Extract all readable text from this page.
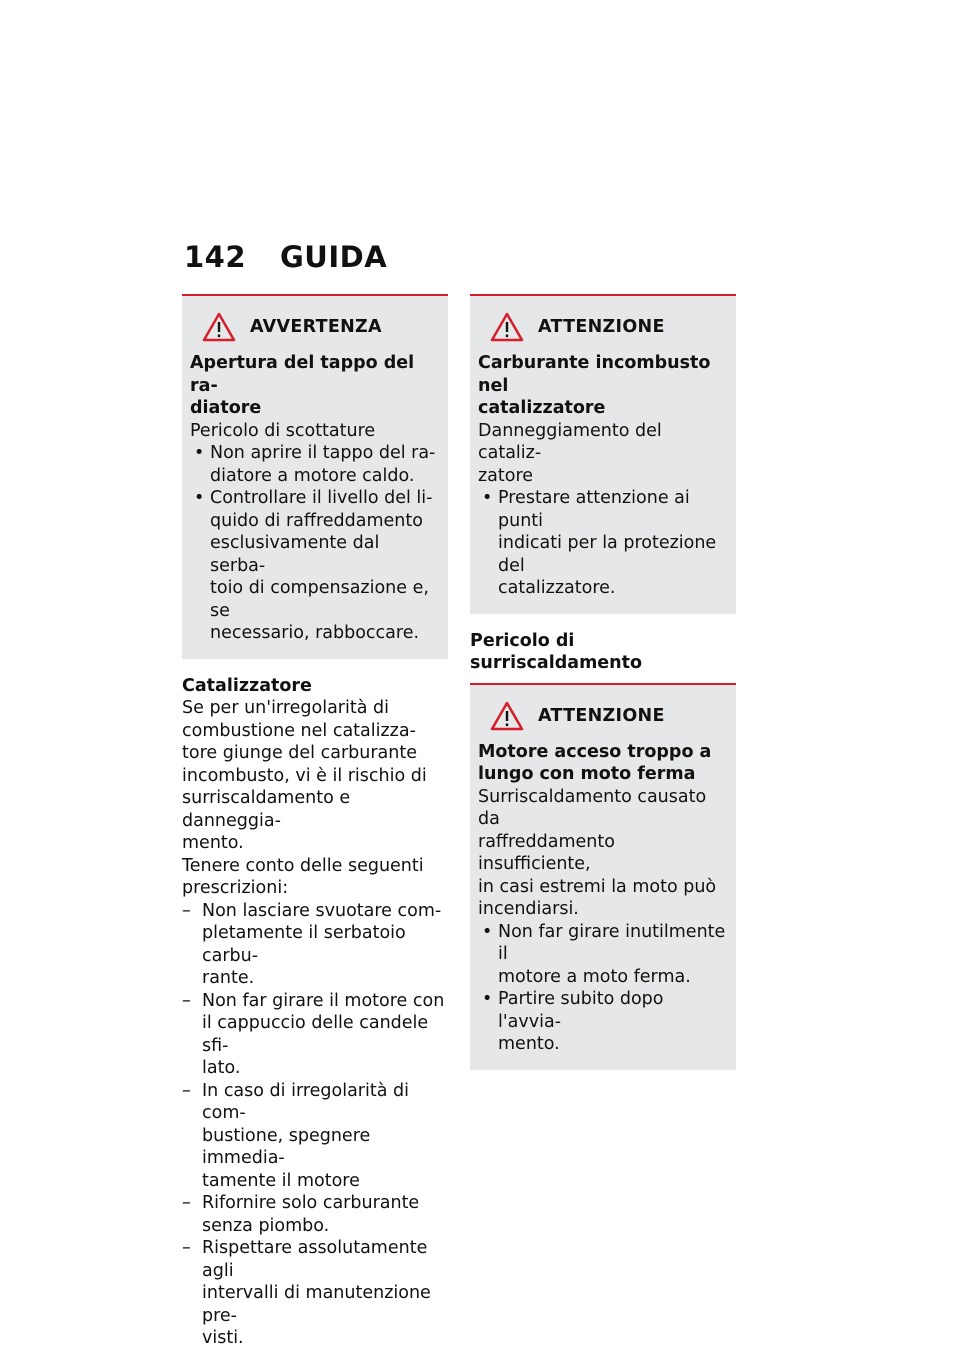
142 GUIDA
AVVERTENZA
Apertura del tappo del ra-
diatore
Pericolo di scottature
• Non aprire il tappo del ra-
diatore a motore caldo.
• Controllare il livello del li-
quido di raffreddamento
esclusivamente dal serba-
toio di compensazione e, se
necessario, rabboccare.
Catalizzatore
Se per un'irregolarità di
combustione nel catalizza-
tore giunge del carburante
incombusto, vi è il rischio di
surriscaldamento e danneggia-
mento.
Tenere conto delle seguenti
prescrizioni:
– Non lasciare svuotare com-
pletamente il serbatoio carbu-
rante.
– Non far girare il motore con
il cappuccio delle candele sfi-
lato.
– In caso di irregolarità di com-
bustione, spegnere immedia-
tamente il motore
– Rifornire solo carburante
senza piombo.
– Rispettare assolutamente agli
intervalli di manutenzione pre-
visti.
ATTENZIONE
Carburante incombusto nel
catalizzatore
Danneggiamento del cataliz-
zatore
• Prestare attenzione ai punti
indicati per la protezione del
catalizzatore.
Pericolo di surriscaldamento
ATTENZIONE
Motore acceso troppo a
lungo con moto ferma
Surriscaldamento causato da
raffreddamento insufficiente,
in casi estremi la moto può
incendiarsi.
• Non far girare inutilmente il
motore a moto ferma.
• Partire subito dopo l'avvia-
mento.
